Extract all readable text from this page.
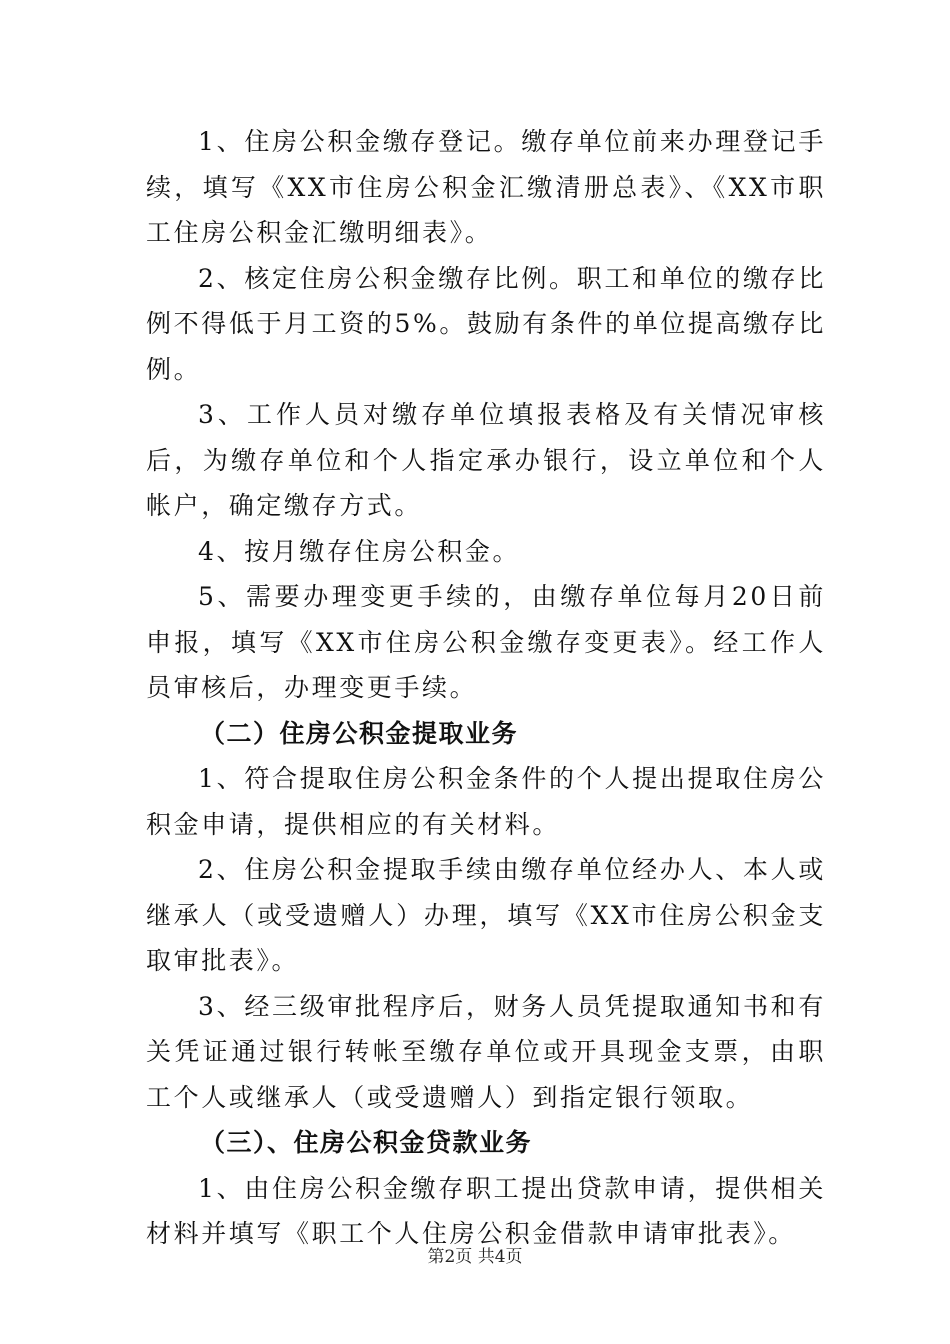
1、住房公积金缴存登记。缴存单位前来办理登记手续，填写《XX市住房公积金汇缴清册总表》、《XX市职工住房公积金汇缴明细表》。

2、核定住房公积金缴存比例。职工和单位的缴存比例不得低于月工资的5%。鼓励有条件的单位提高缴存比例。

3、工作人员对缴存单位填报表格及有关情况审核后，为缴存单位和个人指定承办银行，设立单位和个人帐户，确定缴存方式。

4、按月缴存住房公积金。

5、需要办理变更手续的，由缴存单位每月20日前申报，填写《XX市住房公积金缴存变更表》。经工作人员审核后，办理变更手续。

（二）住房公积金提取业务

1、符合提取住房公积金条件的个人提出提取住房公积金申请，提供相应的有关材料。

2、住房公积金提取手续由缴存单位经办人、本人或继承人（或受遗赠人）办理，填写《XX市住房公积金支取审批表》。

3、经三级审批程序后，财务人员凭提取通知书和有关凭证通过银行转帐至缴存单位或开具现金支票，由职工个人或继承人（或受遗赠人）到指定银行领取。

（三）、住房公积金贷款业务

1、由住房公积金缴存职工提出贷款申请，提供相关材料并填写《职工个人住房公积金借款申请审批表》。

第2页 共4页
